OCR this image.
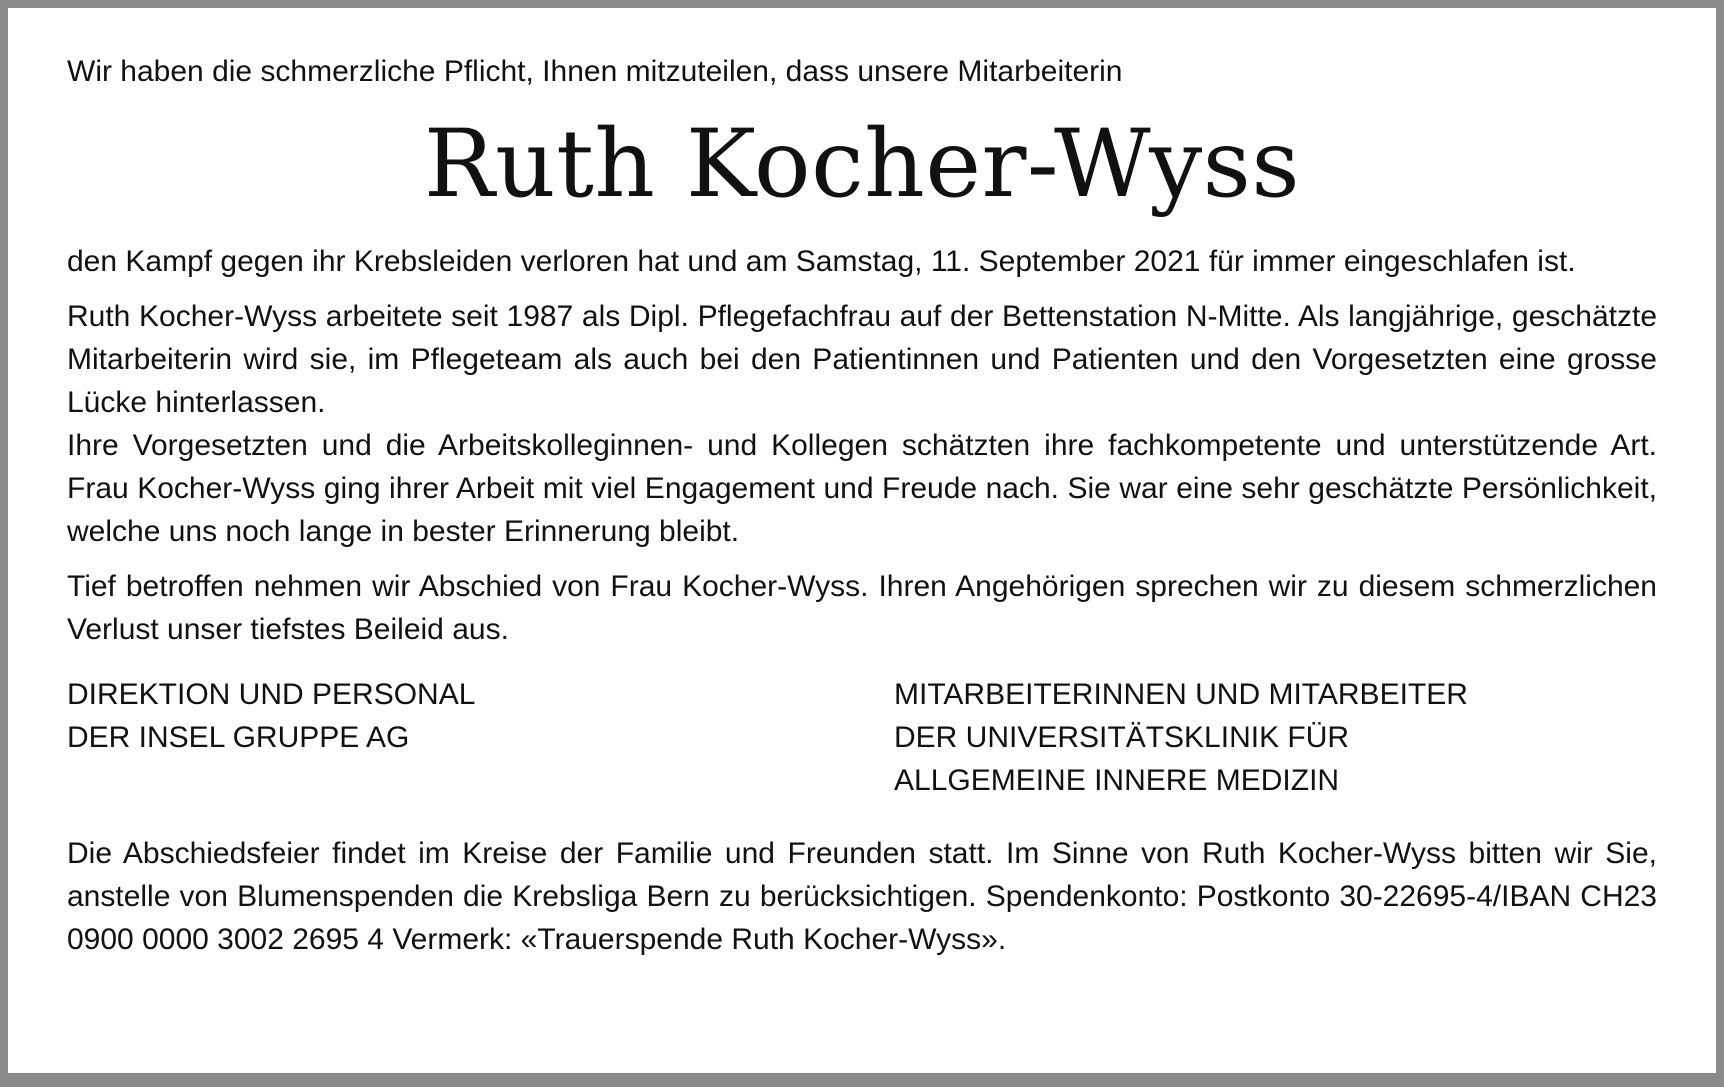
Wir haben die schmerzliche Pflicht, Ihnen mitzuteilen, dass unsere Mitarbeiterin

Ruth Kocher-Wyss

den Kampf gegen ihr Krebsleiden verloren hat und am Samstag, 11. September 2021 für immer eingeschlafen ist.

Ruth Kocher-Wyss arbeitete seit 1987 als Dipl. Pflegefachfrau auf der Bettenstation N-Mitte. Als langjährige, geschätzte Mitarbeiterin wird sie, im Pflegeteam als auch bei den Patientinnen und Patienten und den Vorgesetzten eine grosse Lücke hinterlassen.

Ihre Vorgesetzten und die Arbeitskolleginnen- und Kollegen schätzten ihre fachkompetente und unterstützende Art. Frau Kocher-Wyss ging ihrer Arbeit mit viel Engagement und Freude nach. Sie war eine sehr geschätzte Persönlichkeit, welche uns noch lange in bester Erinnerung bleibt.

Tief betroffen nehmen wir Abschied von Frau Kocher-Wyss. Ihren Angehörigen sprechen wir zu diesem schmerzlichen Verlust unser tiefstes Beileid aus.

DIREKTION UND PERSONAL
DER INSEL GRUPPE AG
MITARBEITERINNEN UND MITARBEITER
DER UNIVERSITÄTSKLINIK FÜR
ALLGEMEINE INNERE MEDIZIN

Die Abschiedsfeier findet im Kreise der Familie und Freunden statt. Im Sinne von Ruth Kocher-Wyss bitten wir Sie, anstelle von Blumenspenden die Krebsliga Bern zu berücksichtigen. Spendenkonto: Postkonto 30-22695-4/IBAN CH23 0900 0000 3002 2695 4 Vermerk: «Trauerspende Ruth Kocher-Wyss».
